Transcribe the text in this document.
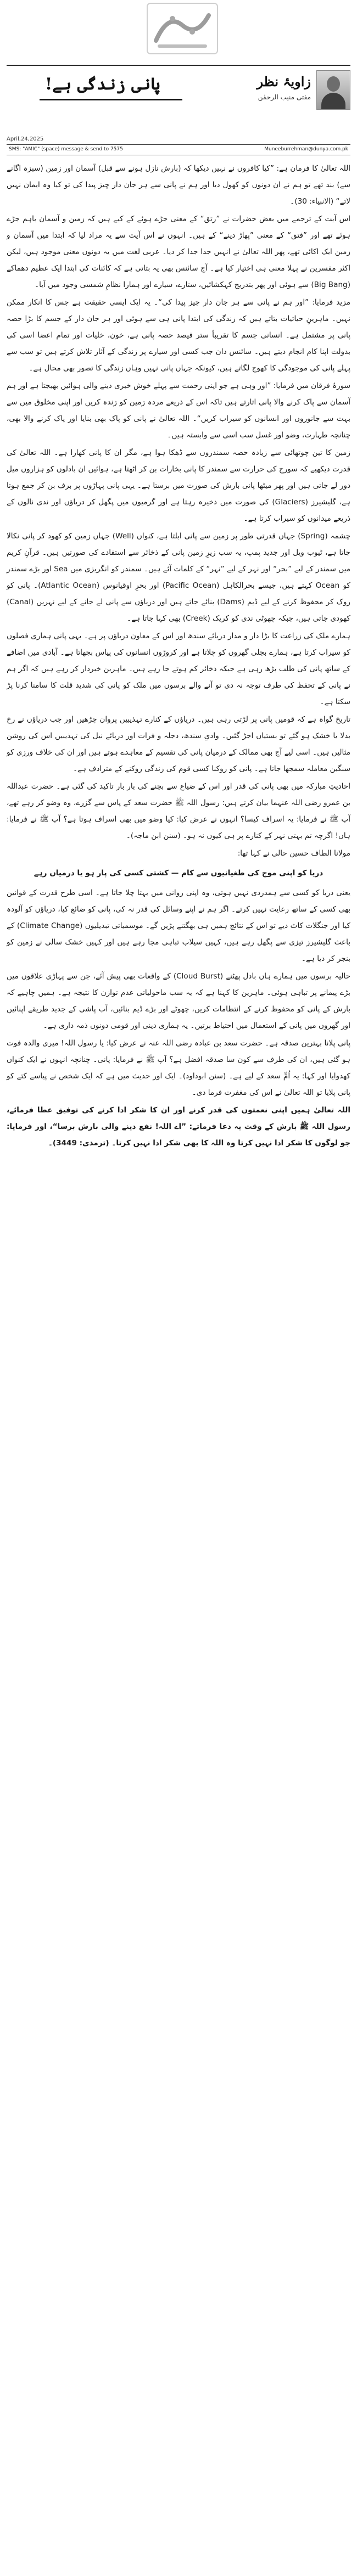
زاویۂ نظر
مفتی منیب الرحمٰن
پانی زندگی ہے!
April,24,2025
SMS: "AMIC" (space) message & send to 7575	Muneeburrehman@dunya.com.pk

اللہ تعالیٰ کا فرمان ہے: ”کیا کافروں نے نہیں دیکھا کہ (بارش نازل ہونے سے قبل) آسمان اور زمین (سبزہ اگانے سے) بند تھے تو ہم نے ان دونوں کو کھول دیا اور ہم نے پانی سے ہر جان دار چیز پیدا کی تو کیا وہ ایمان نہیں لاتے“ (الانبیاء: 30)۔

اس آیت کے ترجمے میں بعض حضرات نے ”رتق“ کے معنی جڑے ہوئے کے کیے ہیں کہ زمین و آسمان باہم جڑے ہوئے تھے اور ”فتق“ کے معنی ”پھاڑ دینے“ کے ہیں۔ انہوں نے اس آیت سے یہ مراد لیا کہ ابتدا میں آسمان و زمین ایک اکائی تھے، پھر اللہ تعالیٰ نے انہیں جدا جدا کر دیا۔ عربی لغت میں یہ دونوں معنی موجود ہیں، لیکن اکثر مفسرین نے پہلا معنی ہی اختیار کیا ہے۔ آج سائنس بھی یہ بتاتی ہے کہ کائنات کی ابتدا ایک عظیم دھماکے (Big Bang) سے ہوئی اور پھر بتدریج کہکشائیں، ستارے، سیارے اور ہمارا نظامِ شمسی وجود میں آیا۔

مزید فرمایا: ”اور ہم نے پانی سے ہر جان دار چیز پیدا کی“۔ یہ ایک ایسی حقیقت ہے جس کا انکار ممکن نہیں۔ ماہرینِ حیاتیات بتاتے ہیں کہ زندگی کی ابتدا پانی ہی سے ہوئی اور ہر جان دار کے جسم کا بڑا حصہ پانی پر مشتمل ہے۔ انسانی جسم کا تقریباً ستر فیصد حصہ پانی ہے، خون، خلیات اور تمام اعضا اسی کی بدولت اپنا کام انجام دیتے ہیں۔ سائنس دان جب کسی اور سیارے پر زندگی کے آثار تلاش کرتے ہیں تو سب سے پہلے پانی کی موجودگی کا کھوج لگاتے ہیں، کیونکہ جہاں پانی نہیں وہاں زندگی کا تصور بھی محال ہے۔

سورۂ فرقان میں فرمایا: ”اور وہی ہے جو اپنی رحمت سے پہلے خوش خبری دینے والی ہوائیں بھیجتا ہے اور ہم آسمان سے پاک کرنے والا پانی اتارتے ہیں تاکہ اس کے ذریعے مردہ زمین کو زندہ کریں اور اپنی مخلوق میں سے بہت سے جانوروں اور انسانوں کو سیراب کریں“۔ اللہ تعالیٰ نے پانی کو پاک بھی بنایا اور پاک کرنے والا بھی، چنانچہ طہارت، وضو اور غسل سب اسی سے وابستہ ہیں۔

زمین کا تین چوتھائی سے زیادہ حصہ سمندروں سے ڈھکا ہوا ہے، مگر ان کا پانی کھارا ہے۔ اللہ تعالیٰ کی قدرت دیکھیے کہ سورج کی حرارت سے سمندر کا پانی بخارات بن کر اٹھتا ہے، ہوائیں ان بادلوں کو ہزاروں میل دور لے جاتی ہیں اور پھر میٹھا پانی بارش کی صورت میں برستا ہے۔ یہی پانی پہاڑوں پر برف بن کر جمع ہوتا ہے، گلیشیرز (Glaciers) کی صورت میں ذخیرہ رہتا ہے اور گرمیوں میں پگھل کر دریاؤں اور ندی نالوں کے ذریعے میدانوں کو سیراب کرتا ہے۔

چشمہ (Spring) جہاں قدرتی طور پر زمین سے پانی ابلتا ہے، کنواں (Well) جہاں زمین کو کھود کر پانی نکالا جاتا ہے، ٹیوب ویل اور جدید پمپ، یہ سب زیرِ زمین پانی کے ذخائر سے استفادے کی صورتیں ہیں۔ قرآنِ کریم میں سمندر کے لیے ”بحر“ اور نہر کے لیے ”نہر“ کے کلمات آئے ہیں۔ سمندر کو انگریزی میں Sea اور بڑے سمندر کو Ocean کہتے ہیں، جیسے بحرالکاہل (Pacific Ocean) اور بحرِ اوقیانوس (Atlantic Ocean)۔ پانی کو روک کر محفوظ کرنے کے لیے ڈیم (Dams) بنائے جاتے ہیں اور دریاؤں سے پانی لے جانے کے لیے نہریں (Canal) کھودی جاتی ہیں، جبکہ چھوٹی ندی کو کریک (Creek) بھی کہا جاتا ہے۔

ہمارے ملک کی زراعت کا بڑا دار و مدار دریائے سندھ اور اس کے معاون دریاؤں پر ہے۔ یہی پانی ہماری فصلوں کو سیراب کرتا ہے، ہمارے بجلی گھروں کو چلاتا ہے اور کروڑوں انسانوں کی پیاس بجھاتا ہے۔ آبادی میں اضافے کے ساتھ پانی کی طلب بڑھ رہی ہے جبکہ ذخائر کم ہوتے جا رہے ہیں۔ ماہرین خبردار کر رہے ہیں کہ اگر ہم نے پانی کے تحفظ کی طرف توجہ نہ دی تو آنے والے برسوں میں ملک کو پانی کی شدید قلت کا سامنا کرنا پڑ سکتا ہے۔

تاریخ گواہ ہے کہ قومیں پانی پر لڑتی رہی ہیں۔ دریاؤں کے کنارے تہذیبیں پروان چڑھیں اور جب دریاؤں نے رخ بدلا یا خشک ہو گئے تو بستیاں اجڑ گئیں۔ وادیِ سندھ، دجلہ و فرات اور دریائے نیل کی تہذیبیں اس کی روشن مثالیں ہیں۔ اسی لیے آج بھی ممالک کے درمیان پانی کی تقسیم کے معاہدے ہوتے ہیں اور ان کی خلاف ورزی کو سنگین معاملہ سمجھا جاتا ہے۔ پانی کو روکنا کسی قوم کی زندگی روکنے کے مترادف ہے۔

احادیثِ مبارکہ میں بھی پانی کی قدر اور اس کے ضیاع سے بچنے کی بار بار تاکید کی گئی ہے۔ حضرت عبداللہ بن عمرو رضی اللہ عنہما بیان کرتے ہیں: رسول اللہ ﷺ حضرت سعد کے پاس سے گزرے، وہ وضو کر رہے تھے، آپ ﷺ نے فرمایا: یہ اسراف کیسا؟ انہوں نے عرض کیا: کیا وضو میں بھی اسراف ہوتا ہے؟ آپ ﷺ نے فرمایا: ہاں! اگرچہ تم بہتی نہر کے کنارے پر ہی کیوں نہ ہو۔ (سنن ابن ماجہ)۔

مولانا الطاف حسین حالی نے کہا تھا:

دریا کو اپنی موج کی طغیانیوں سے کام — کشتی کسی کی پار ہو یا درمیاں رہے

یعنی دریا کو کسی سے ہمدردی نہیں ہوتی، وہ اپنی روانی میں بہتا چلا جاتا ہے۔ اسی طرح قدرت کے قوانین بھی کسی کے ساتھ رعایت نہیں کرتے۔ اگر ہم نے اپنے وسائل کی قدر نہ کی، پانی کو ضائع کیا، دریاؤں کو آلودہ کیا اور جنگلات کاٹ دیے تو اس کے نتائج ہمیں ہی بھگتنے پڑیں گے۔ موسمیاتی تبدیلیوں (Climate Change) کے باعث گلیشیرز تیزی سے پگھل رہے ہیں، کہیں سیلاب تباہی مچا رہے ہیں اور کہیں خشک سالی نے زمین کو بنجر کر دیا ہے۔

حالیہ برسوں میں ہمارے ہاں بادل پھٹنے (Cloud Burst) کے واقعات بھی پیش آئے، جن سے پہاڑی علاقوں میں بڑے پیمانے پر تباہی ہوئی۔ ماہرین کا کہنا ہے کہ یہ سب ماحولیاتی عدم توازن کا نتیجہ ہے۔ ہمیں چاہیے کہ بارش کے پانی کو محفوظ کرنے کے انتظامات کریں، چھوٹے اور بڑے ڈیم بنائیں، آب پاشی کے جدید طریقے اپنائیں اور گھروں میں پانی کے استعمال میں احتیاط برتیں۔ یہ ہماری دینی اور قومی دونوں ذمہ داری ہے۔

پانی پلانا بہترین صدقہ ہے۔ حضرت سعد بن عبادہ رضی اللہ عنہ نے عرض کیا: یا رسول اللہ! میری والدہ فوت ہو گئی ہیں، ان کی طرف سے کون سا صدقہ افضل ہے؟ آپ ﷺ نے فرمایا: پانی۔ چنانچہ انہوں نے ایک کنواں کھدوایا اور کہا: یہ اُمِّ سعد کے لیے ہے۔ (سنن ابوداود)۔ ایک اور حدیث میں ہے کہ ایک شخص نے پیاسے کتے کو پانی پلایا تو اللہ تعالیٰ نے اس کی مغفرت فرما دی۔

اللہ تعالیٰ ہمیں اپنی نعمتوں کی قدر کرنے اور ان کا شکر ادا کرنے کی توفیق عطا فرمائے، رسول اللہ ﷺ بارش کے وقت یہ دعا فرماتے: ”اے اللہ! نفع دینے والی بارش برسا“، اور فرمایا: جو لوگوں کا شکر ادا نہیں کرتا وہ اللہ کا بھی شکر ادا نہیں کرتا۔ (ترمذی: 3449)۔
